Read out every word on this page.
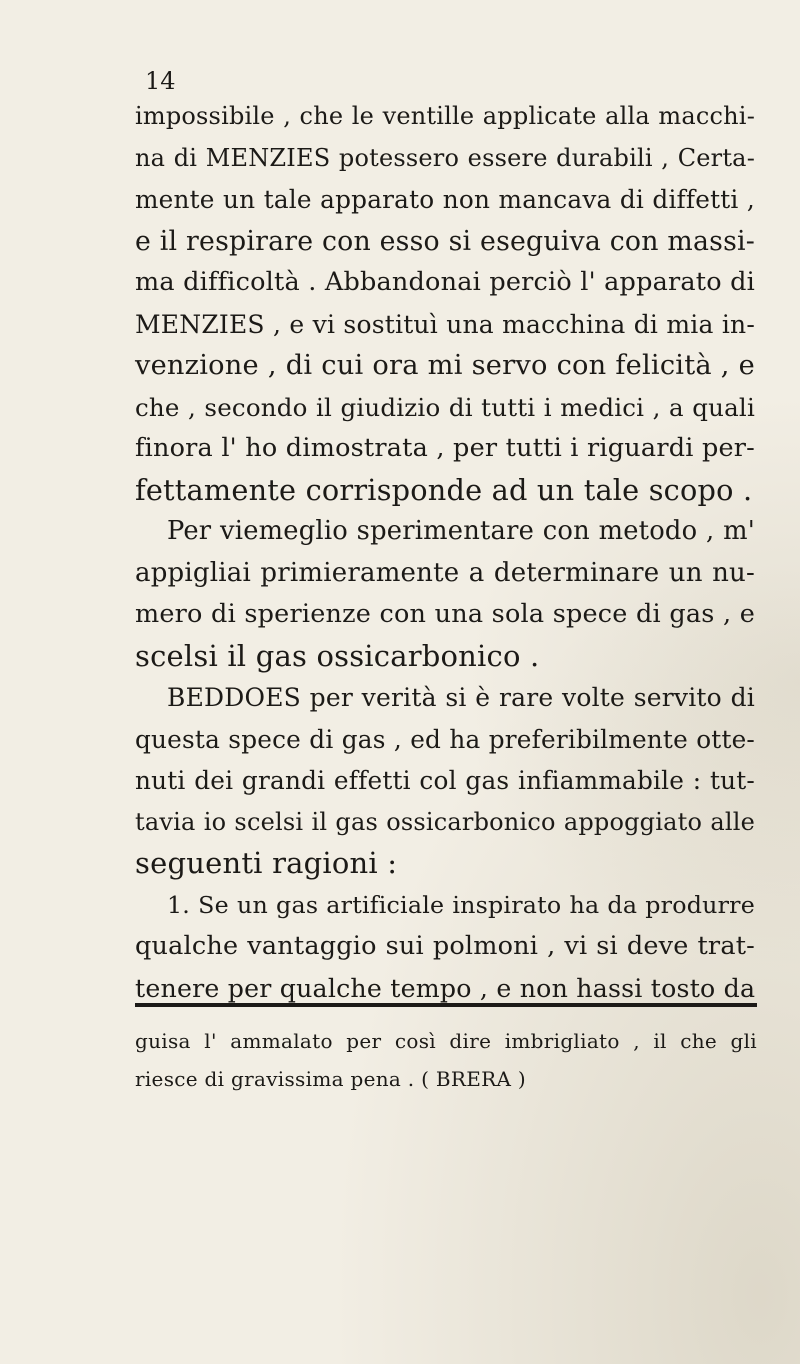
14
impossibile , che le ventille applicate alla macchi-
na di MENZIES potessero essere durabili , Certa-
mente un tale apparato non mancava di diffetti ,
e il respirare con esso si eseguiva con massi-
ma difficoltà . Abbandonai perciò l' apparato di
MENZIES , e vi sostituì una macchina di mia in-
venzione , di cui ora mi servo con felicità , e
che , secondo il giudizio di tutti i medici , a quali
finora l' ho dimostrata , per tutti i riguardi per-
fettamente corrisponde ad un tale scopo .
Per viemeglio sperimentare con metodo , m'
appigliai primieramente a determinare un nu-
mero di sperienze con una sola spece di gas , e
scelsi il gas ossicarbonico .
BEDDOES per verità si è rare volte servito di
questa spece di gas , ed ha preferibilmente otte-
nuti dei grandi effetti col gas infiammabile : tut-
tavia io scelsi il gas ossicarbonico appoggiato alle
seguenti ragioni :
1. Se un gas artificiale inspirato ha da produrre
qualche vantaggio sui polmoni , vi si deve trat-
tenere per qualche tempo , e non hassi tosto da
guisa l' ammalato per così dire imbrigliato , il che gli
riesce di gravissima pena . ( BRERA )
